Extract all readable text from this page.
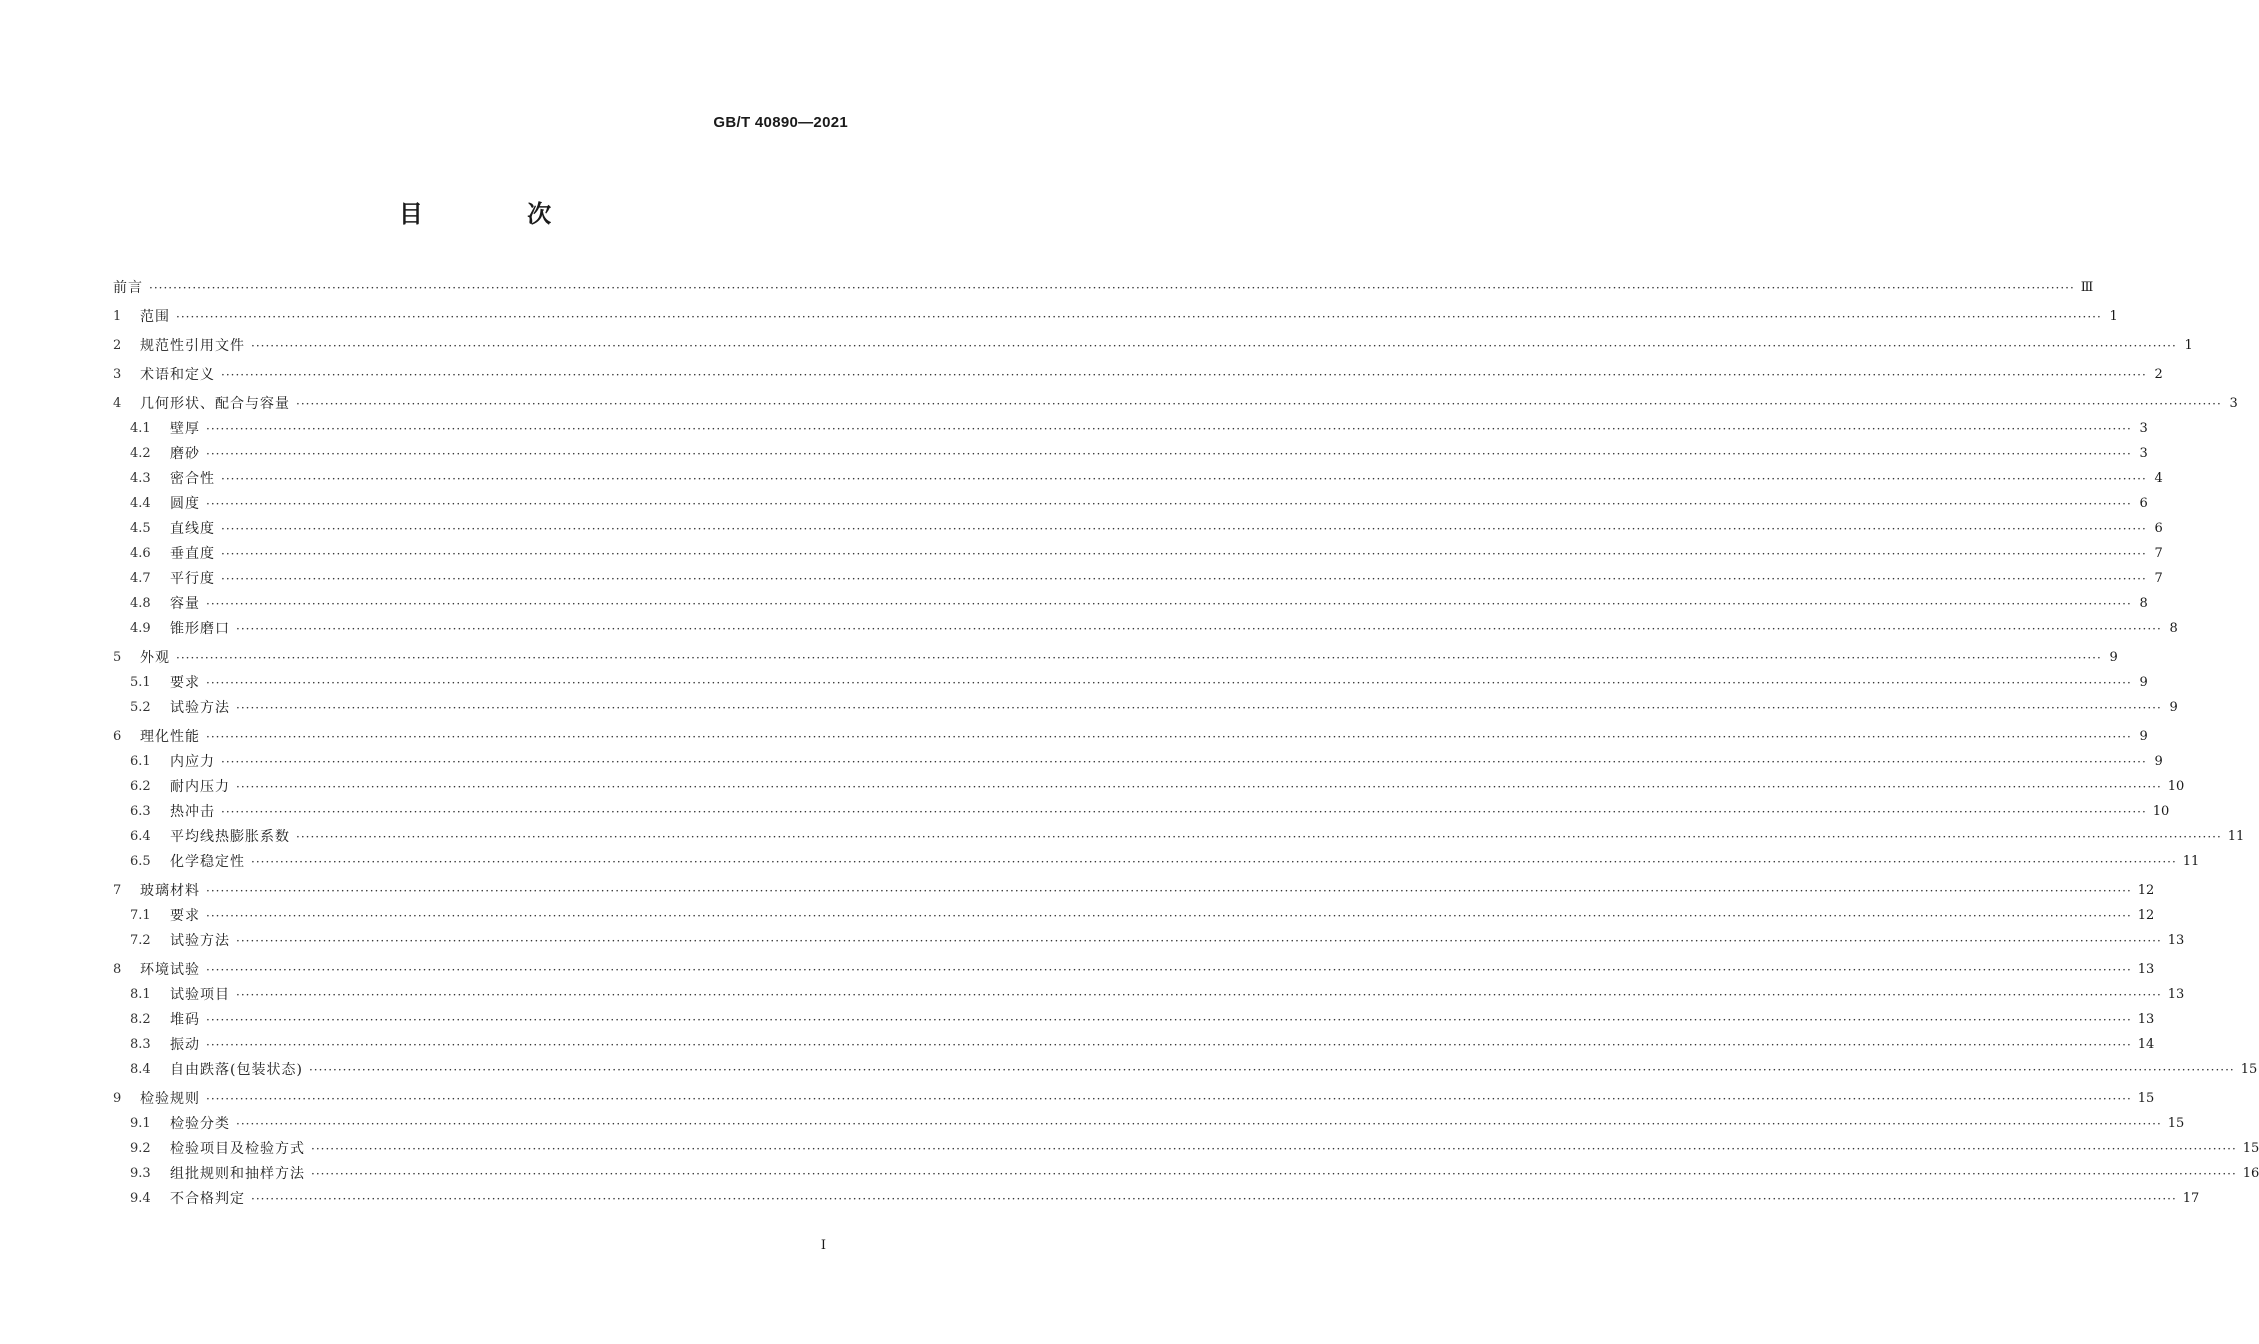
GB/T 40890—2021
目 次
前言 ················································································································································································································································································································································································································ Ⅲ
1	范围 ················································································································································································································································································································································································································ 1
2	规范性引用文件 ················································································································································································································································································································································································································ 1
3	术语和定义 ················································································································································································································································································································································································································ 2
4	几何形状、配合与容量 ················································································································································································································································································································································································································ 3
4.1	壁厚 ················································································································································································································································································································································································································ 3
4.2	磨砂 ················································································································································································································································································································································································································ 3
4.3	密合性 ················································································································································································································································································································································································································ 4
4.4	圆度 ················································································································································································································································································································································································································ 6
4.5	直线度 ················································································································································································································································································································································································································ 6
4.6	垂直度 ················································································································································································································································································································································································································ 7
4.7	平行度 ················································································································································································································································································································································································································ 7
4.8	容量 ················································································································································································································································································································································································································ 8
4.9	锥形磨口 ················································································································································································································································································································································································································ 8
5	外观 ················································································································································································································································································································································································································ 9
5.1	要求 ················································································································································································································································································································································································································ 9
5.2	试验方法 ················································································································································································································································································································································································································ 9
6	理化性能 ················································································································································································································································································································································································································ 9
6.1	内应力 ················································································································································································································································································································································································································ 9
6.2	耐内压力 ················································································································································································································································································································································································································ 10
6.3	热冲击 ················································································································································································································································································································································································································ 10
6.4	平均线热膨胀系数 ················································································································································································································································································································································································································ 11
6.5	化学稳定性 ················································································································································································································································································································································································································ 11
7	玻璃材料 ················································································································································································································································································································································································································ 12
7.1	要求 ················································································································································································································································································································································································································ 12
7.2	试验方法 ················································································································································································································································································································································································································ 13
8	环境试验 ················································································································································································································································································································································································································ 13
8.1	试验项目 ················································································································································································································································································································································································································ 13
8.2	堆码 ················································································································································································································································································································································································································ 13
8.3	振动 ················································································································································································································································································································································································································ 14
8.4	自由跌落(包装状态) ················································································································································································································································································································································································································ 15
9	检验规则 ················································································································································································································································································································································································································ 15
9.1	检验分类 ················································································································································································································································································································································································································ 15
9.2	检验项目及检验方式 ················································································································································································································································································································································································································ 15
9.3	组批规则和抽样方法 ················································································································································································································································································································································································································ 16
9.4	不合格判定 ················································································································································································································································································································································································································ 17
I
